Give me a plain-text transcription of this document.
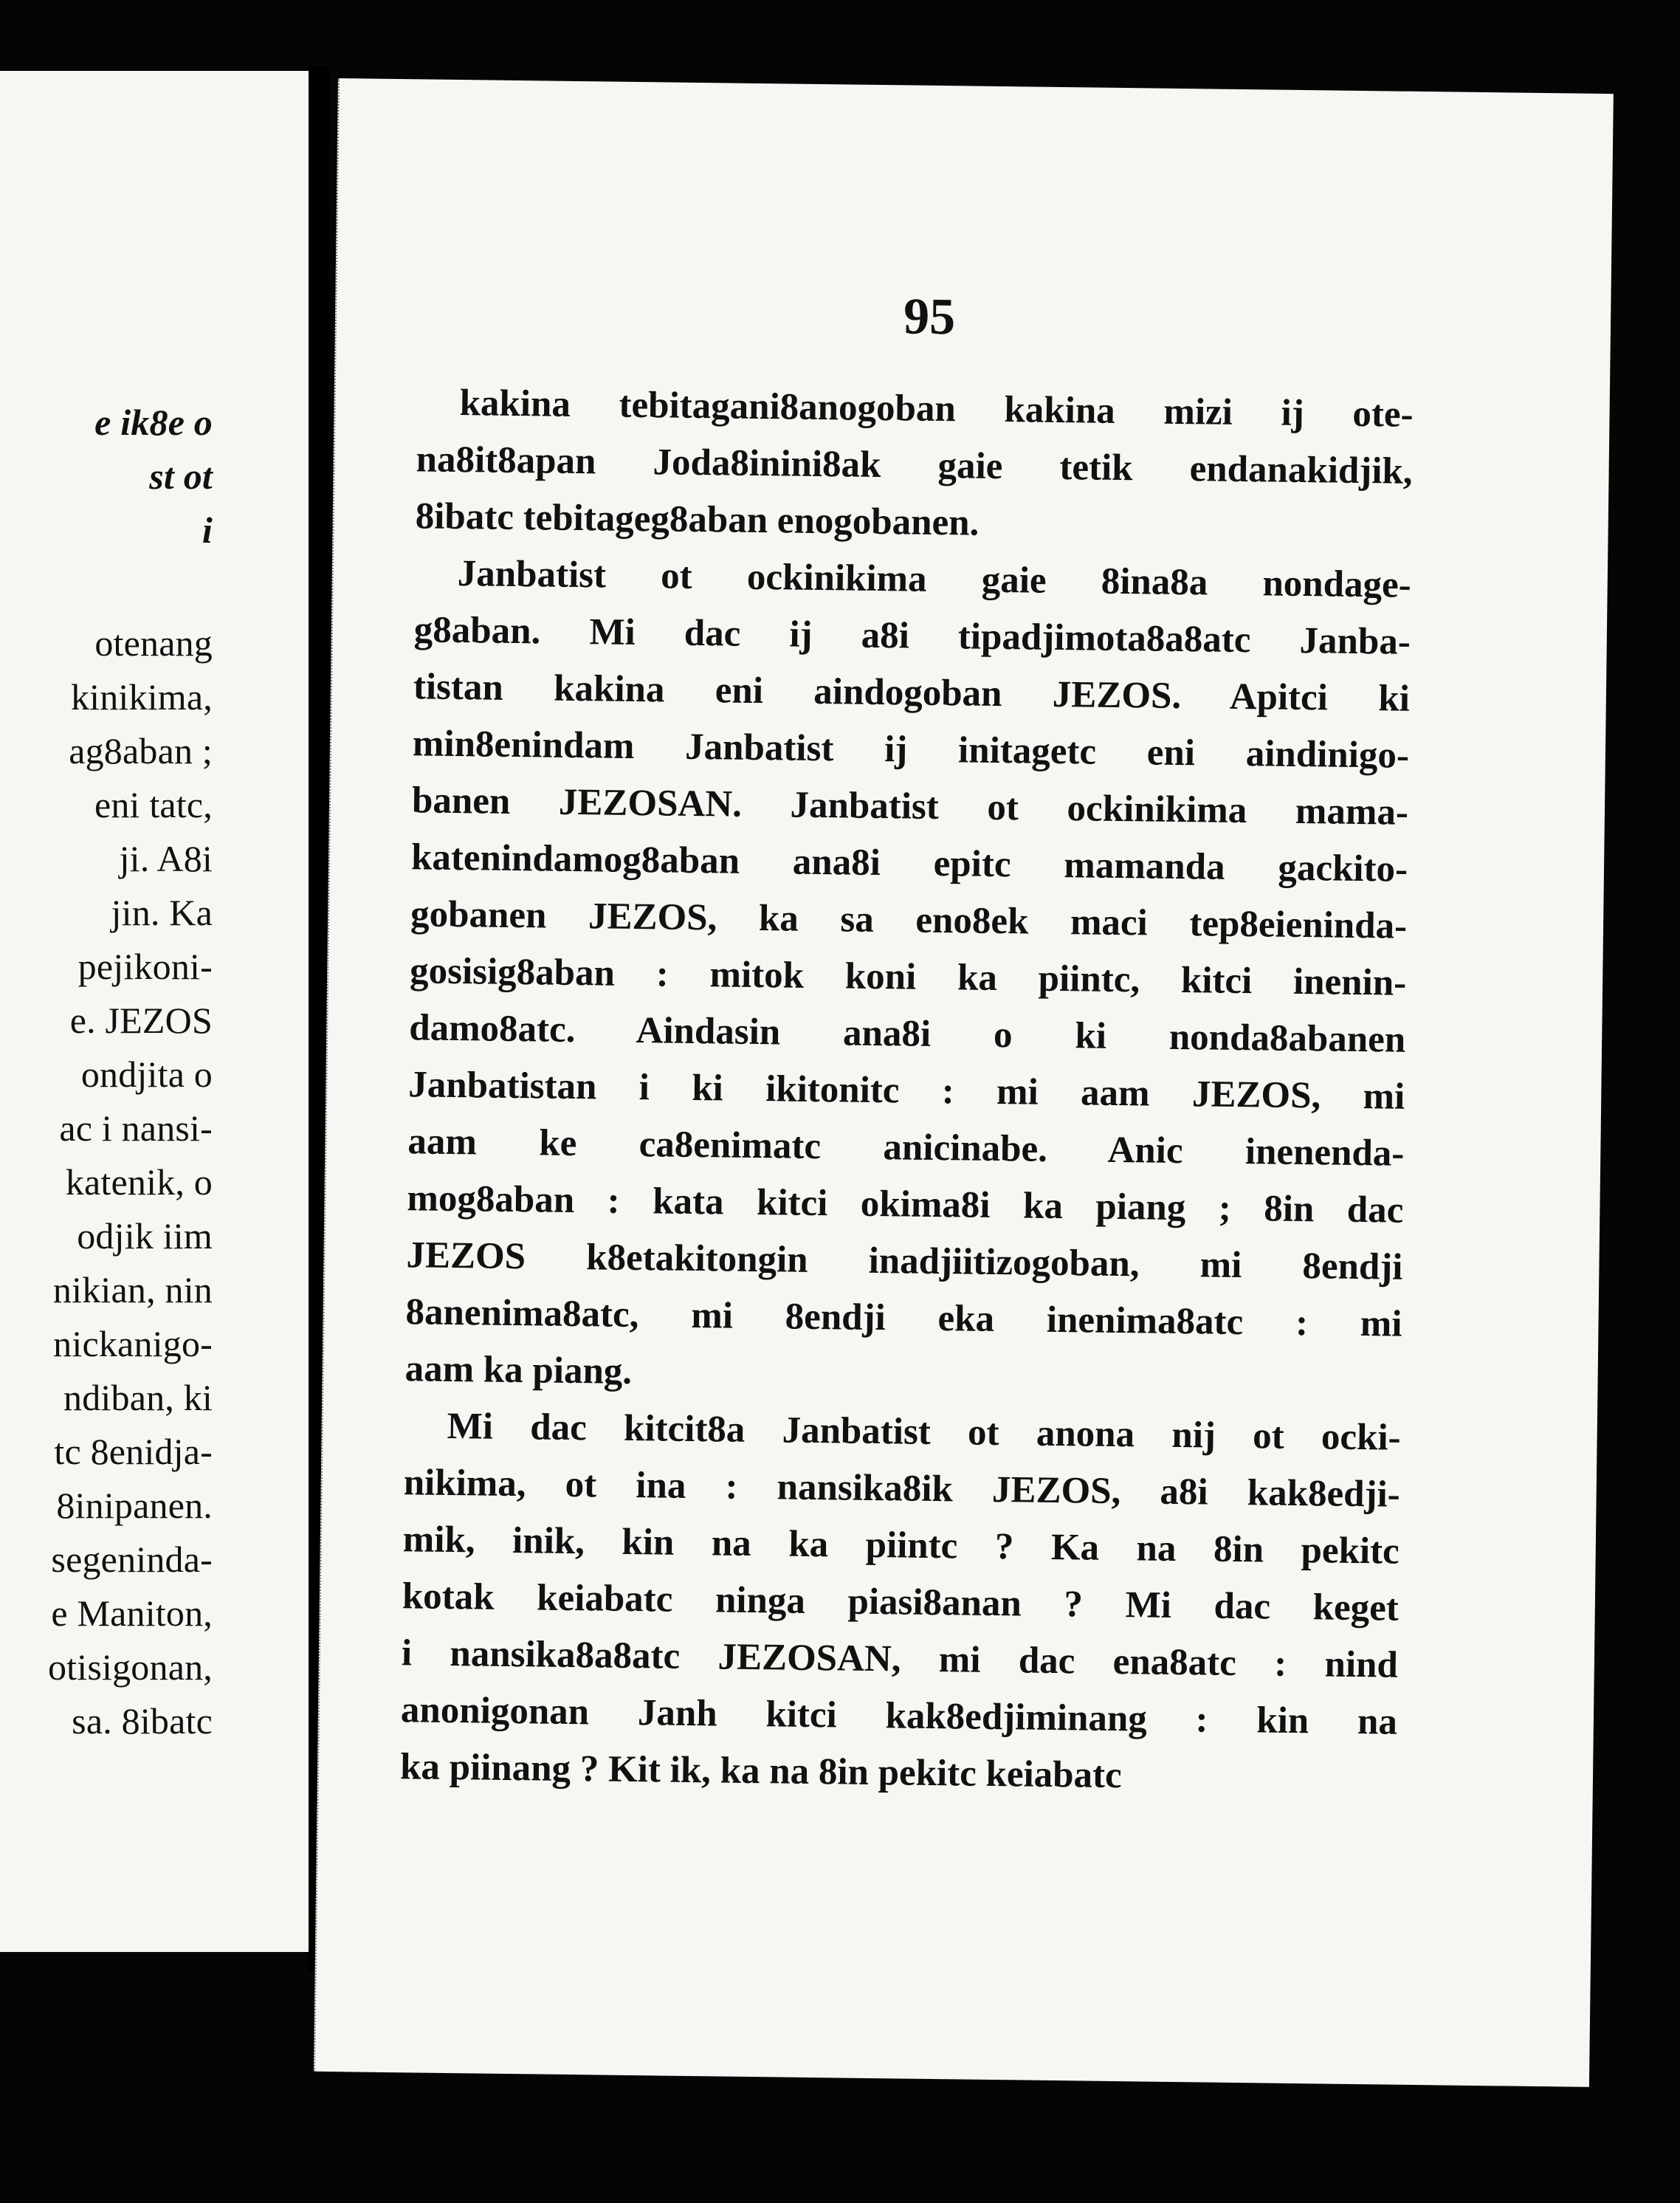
e ik8e o
st ot
i
otenang
kinikima,
ag8aban ;
eni tatc,
ji. A8i
jin. Ka
pejikoni-
e. JEZOS
ondjita o
ac i nansi-
katenik, o
odjik iim
nikian, nin
nickanigo-
ndiban, ki
tc 8enidja-
8inipanen.
segeninda-
e Maniton,
otisigonan,
sa. 8ibatc
95
kakina tebitagani8anogoban kakina mizi ij ote-
na8it8apan Joda8inini8ak gaie tetik endanakidjik,
8ibatc tebitageg8aban enogobanen.
Janbatist ot ockinikima gaie 8ina8a nondage-
g8aban. Mi dac ij a8i tipadjimota8a8atc Janba-
tistan kakina eni aindogoban JEZOS. Apitci ki
min8enindam Janbatist ij initagetc eni aindinigo-
banen JEZOSAN. Janbatist ot ockinikima mama-
katenindamog8aban ana8i epitc mamanda gackito-
gobanen JEZOS, ka sa eno8ek maci tep8eieninda-
gosisig8aban : mitok koni ka piintc, kitci inenin-
damo8atc. Aindasin ana8i o ki nonda8abanen
Janbatistan i ki ikitonitc : mi aam JEZOS, mi
aam ke ca8enimatc anicinabe. Anic inenenda-
mog8aban : kata kitci okima8i ka piang ; 8in dac
JEZOS k8etakitongin inadjiitizogoban, mi 8endji
8anenima8atc, mi 8endji eka inenima8atc : mi
aam ka piang.
Mi dac kitcit8a Janbatist ot anona nij ot ocki-
nikima, ot ina : nansika8ik JEZOS, a8i kak8edji-
mik, inik, kin na ka piintc ? Ka na 8in pekitc
kotak keiabatc ninga piasi8anan ? Mi dac keget
i nansika8a8atc JEZOSAN, mi dac ena8atc : nind
anonigonan Janh kitci kak8edjiminang : kin na
ka piinang ? Kit ik, ka na 8in pekitc keiabatc
